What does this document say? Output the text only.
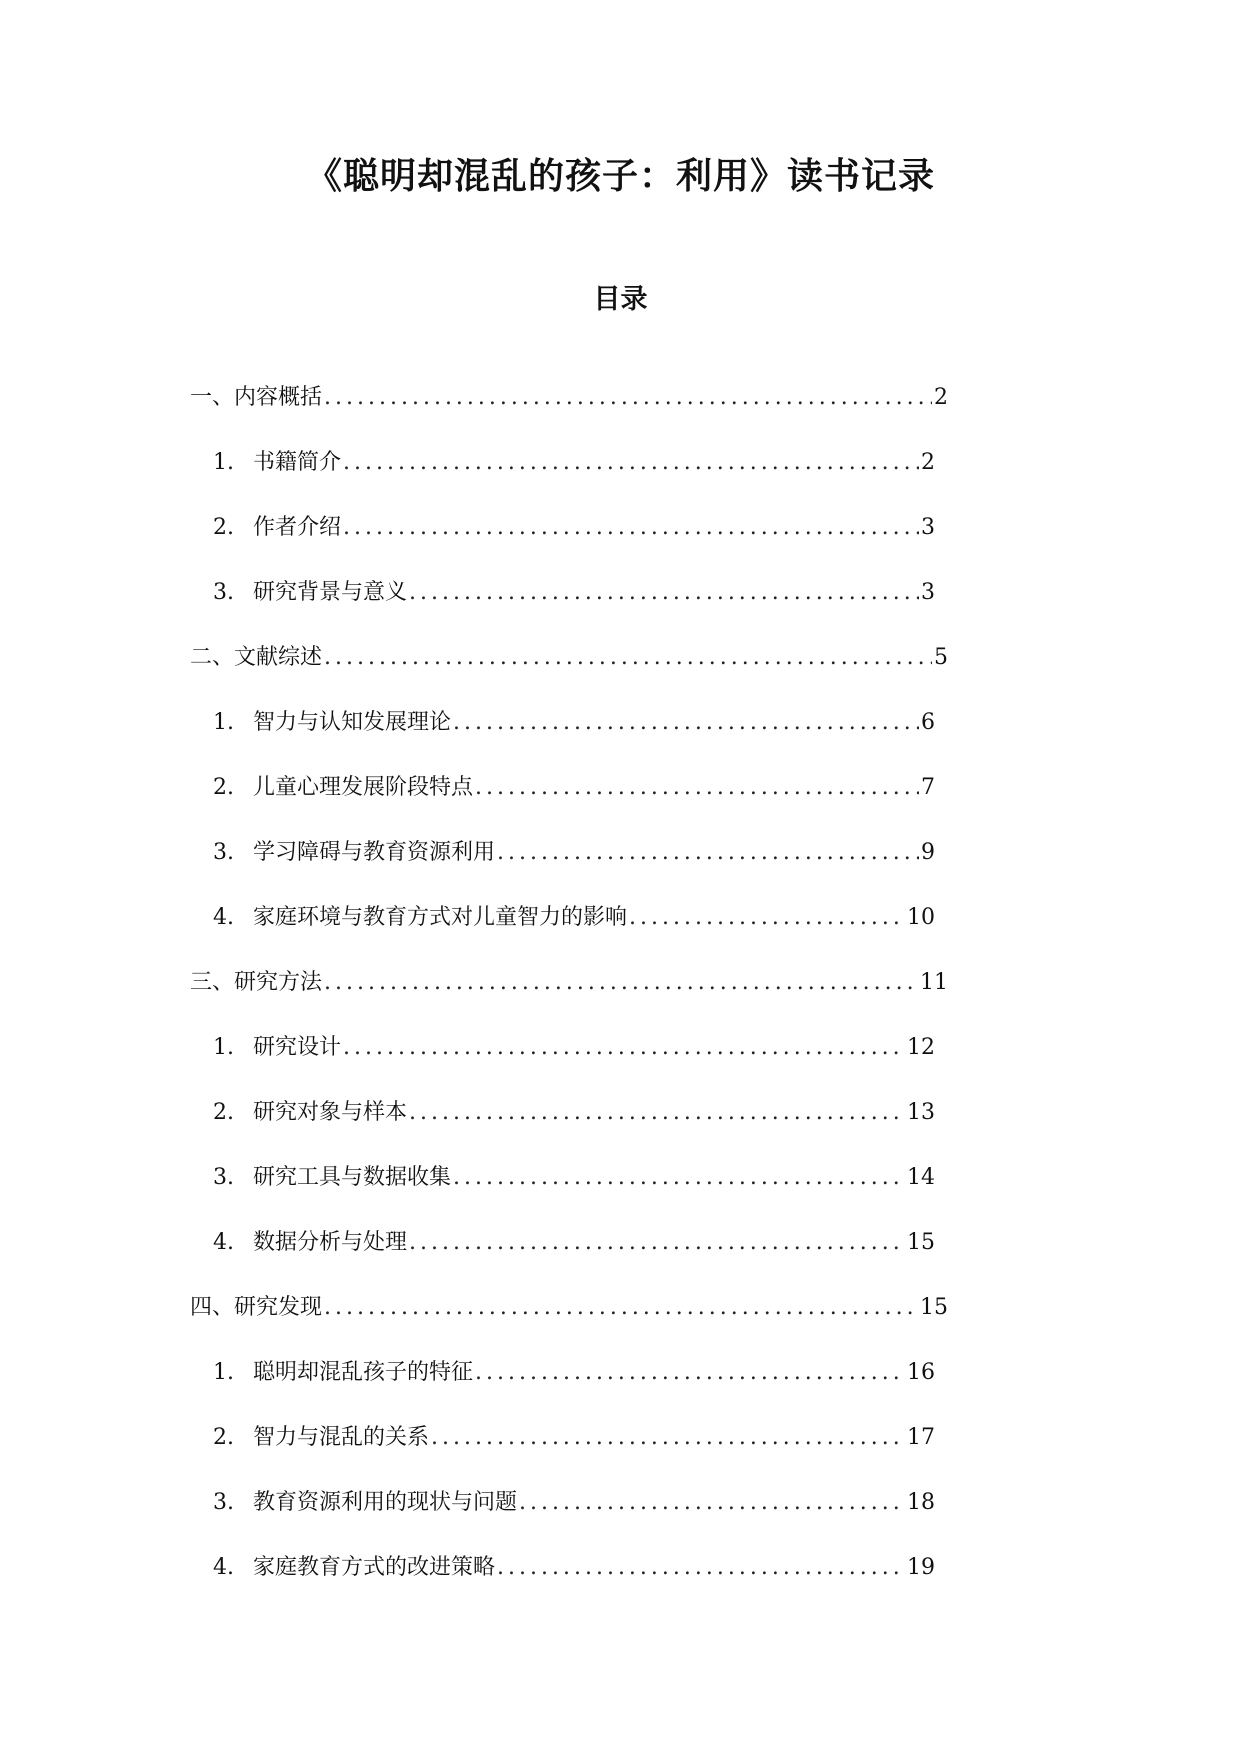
《聪明却混乱的孩子：利用》读书记录
目录
一、内容概括 .....	2
1. 书籍简介 .....	2
2. 作者介绍 .....	3
3. 研究背景与意义 .....	3
二、文献综述 .....	5
1. 智力与认知发展理论 .....	6
2. 儿童心理发展阶段特点 .....	7
3. 学习障碍与教育资源利用 .....	9
4. 家庭环境与教育方式对儿童智力的影响 .....	10
三、研究方法 .....	11
1. 研究设计 .....	12
2. 研究对象与样本 .....	13
3. 研究工具与数据收集 .....	14
4. 数据分析与处理 .....	15
四、研究发现 .....	15
1. 聪明却混乱孩子的特征 .....	16
2. 智力与混乱的关系 .....	17
3. 教育资源利用的现状与问题 .....	18
4. 家庭教育方式的改进策略 .....	19
